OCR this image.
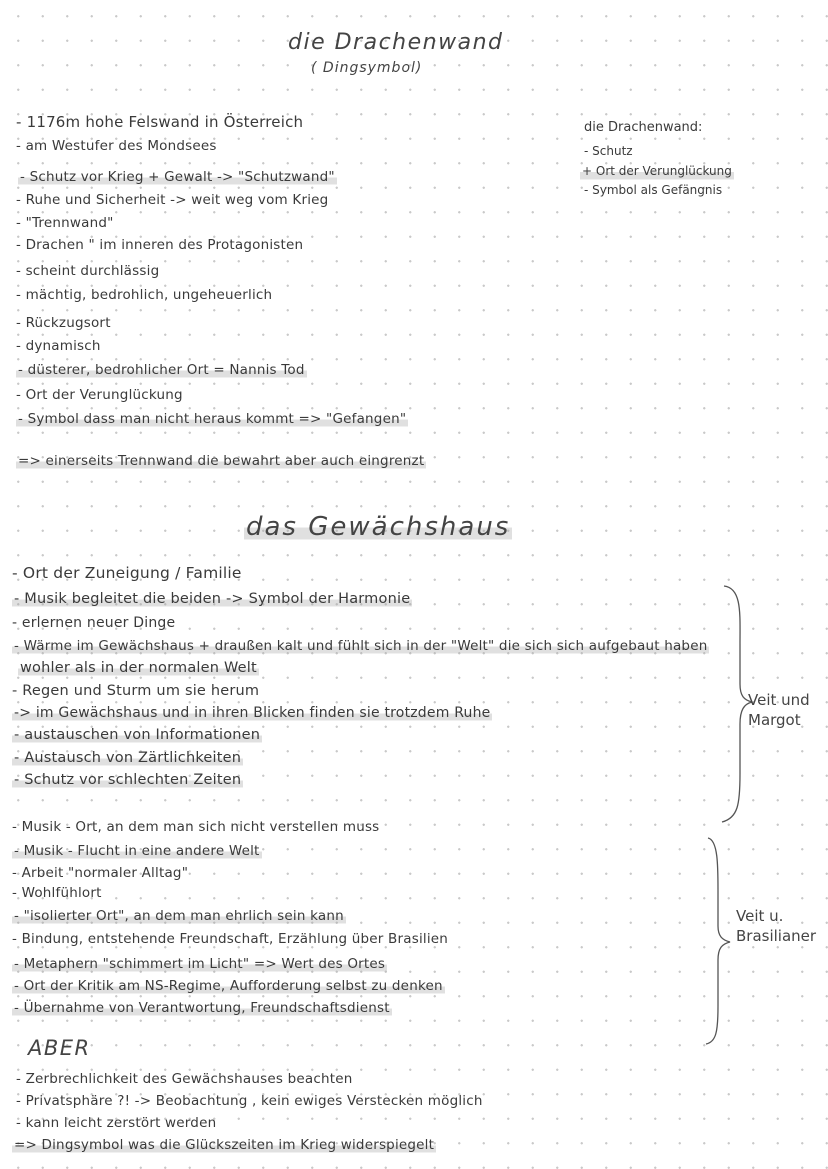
die Drachenwand
( Dingsymbol)
- 1176m hohe Felswand in Österreich
- am Westufer des Mondsees
- Schutz vor Krieg + Gewalt -> "Schutzwand"
- Ruhe und Sicherheit -> weit weg vom Krieg
- "Trennwand"
- Drachen " im inneren des Protagonisten
- scheint durchlässig
- mächtig, bedrohlich, ungeheuerlich
- Rückzugsort
- dynamisch
- düsterer, bedrohlicher Ort = Nannis Tod
- Ort der Verunglückung
- Symbol dass man nicht heraus kommt => "Gefangen"
=> einerseits Trennwand die bewahrt aber auch eingrenzt
die Drachenwand:
- Schutz
+ Ort der Verunglückung
- Symbol als Gefängnis
das Gewächshaus
- Ort der Zuneigung / Familie
- Musik begleitet die beiden -> Symbol der Harmonie
- erlernen neuer Dinge
- Wärme im Gewächshaus + draußen kalt und fühlt sich in der "Welt" die sich sich aufgebaut haben
wohler als in der normalen Welt
- Regen und Sturm um sie herum
-> im Gewächshaus und in ihren Blicken finden sie trotzdem Ruhe
- austauschen von Informationen
- Austausch von Zärtlichkeiten
- Schutz vor schlechten Zeiten
Veit und
Margot
- Musik - Ort, an dem man sich nicht verstellen muss
- Musik - Flucht in eine andere Welt
- Arbeit "normaler Alltag"
- Wohlfühlort
- "isolierter Ort", an dem man ehrlich sein kann
- Bindung, entstehende Freundschaft, Erzählung über Brasilien
- Metaphern "schimmert im Licht" => Wert des Ortes
- Ort der Kritik am NS-Regime, Aufforderung selbst zu denken
- Übernahme von Verantwortung, Freundschaftsdienst
Veit u.
Brasilianer
ABER
- Zerbrechlichkeit des Gewächshauses beachten
- Privatsphäre ?! -> Beobachtung , kein ewiges Verstecken möglich
- kann leicht zerstört werden
=> Dingsymbol was die Glückszeiten im Krieg widerspiegelt
